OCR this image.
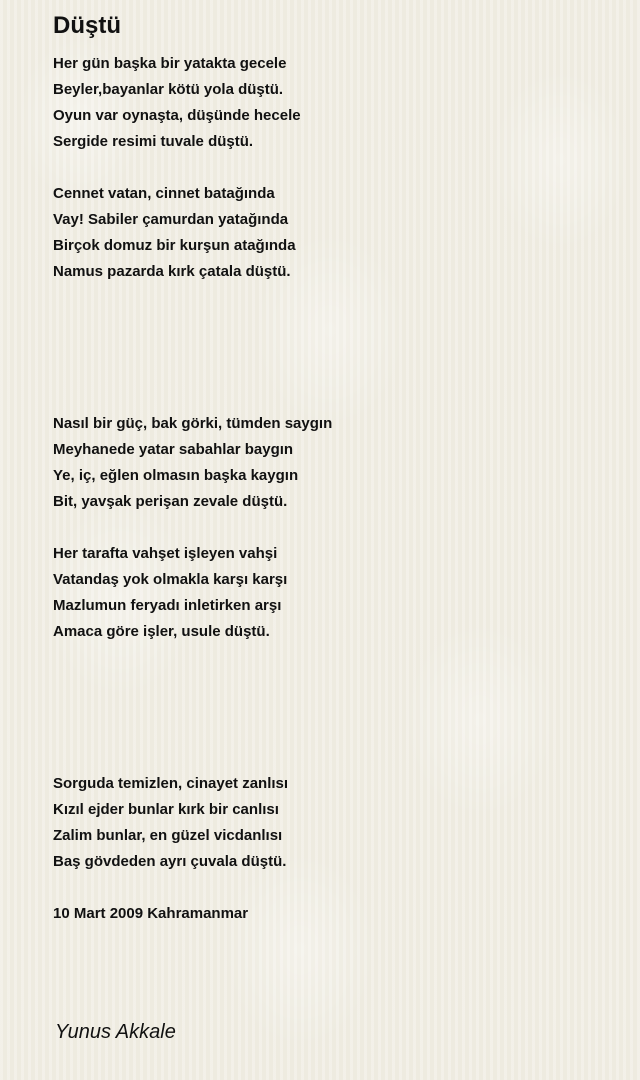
Düştü

Her gün başka bir yatakta gecele

Beyler,bayanlar kötü yola düştü.

Oyun var oynaşta, düşünde hecele

Sergide resimi tuvale düştü.

Cennet vatan, cinnet batağında

Vay! Sabiler çamurdan yatağında

Birçok domuz bir kurşun atağında

Namus pazarda kırk çatala düştü.

Nasıl bir güç, bak görki, tümden saygın

Meyhanede yatar sabahlar baygın

Ye, iç, eğlen olmasın başka kaygın

Bit, yavşak perişan zevale düştü.

Her tarafta vahşet işleyen vahşi

Vatandaş yok olmakla karşı karşı

Mazlumun feryadı inletirken arşı

Amaca göre işler, usule düştü.

Sorguda temizlen, cinayet zanlısı

Kızıl ejder bunlar kırk bir canlısı

Zalim bunlar, en güzel vicdanlısı

Baş gövdeden ayrı çuvala düştü.

10 Mart 2009 Kahramanmar

Yunus Akkale
